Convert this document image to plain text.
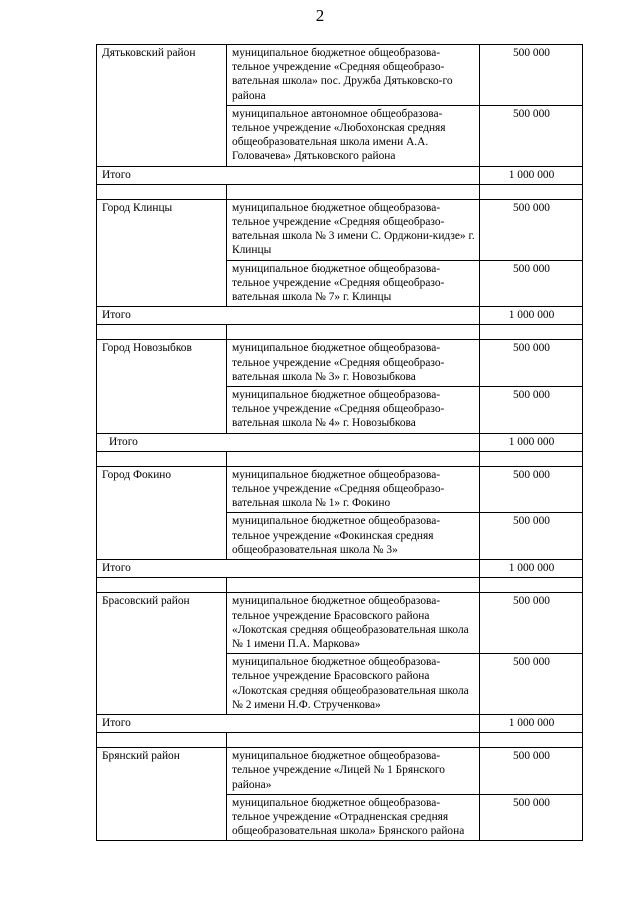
2
Дятьковский район	муниципальное бюджетное общеобразова-тельное учреждение «Средняя общеобразо-вательная школа» пос. Дружба Дятьковско-го района	500 000
	муниципальное автономное общеобразова-тельное учреждение «Любохонская средняя общеобразовательная школа имени А.А. Головачева» Дятьковского района	500 000
Итого		1 000 000

Город Клинцы	муниципальное бюджетное общеобразова-тельное учреждение «Средняя общеобразо-вательная школа № 3 имени С. Орджони-кидзе» г. Клинцы	500 000
	муниципальное бюджетное общеобразова-тельное учреждение «Средняя общеобразо-вательная школа № 7» г. Клинцы	500 000
Итого		1 000 000

Город Новозыбков	муниципальное бюджетное общеобразова-тельное учреждение «Средняя общеобразо-вательная школа № 3» г. Новозыбкова	500 000
	муниципальное бюджетное общеобразова-тельное учреждение «Средняя общеобразо-вательная школа № 4» г. Новозыбкова	500 000
Итого		1 000 000

Город Фокино	муниципальное бюджетное общеобразова-тельное учреждение «Средняя общеобразо-вательная школа № 1» г. Фокино	500 000
	муниципальное бюджетное общеобразова-тельное учреждение «Фокинская средняя общеобразовательная школа № 3»	500 000
Итого		1 000 000

Брасовский район	муниципальное бюджетное общеобразова-тельное учреждение Брасовского района «Локотская средняя общеобразовательная школа № 1 имени П.А. Маркова»	500 000
	муниципальное бюджетное общеобразова-тельное учреждение Брасовского района «Локотская средняя общеобразовательная школа № 2 имени Н.Ф. Струченкова»	500 000
Итого		1 000 000

Брянский район	муниципальное бюджетное общеобразова-тельное учреждение «Лицей № 1 Брянского района»	500 000
	муниципальное бюджетное общеобразова-тельное учреждение «Отрадненская средняя общеобразовательная школа» Брянского района	500 000
